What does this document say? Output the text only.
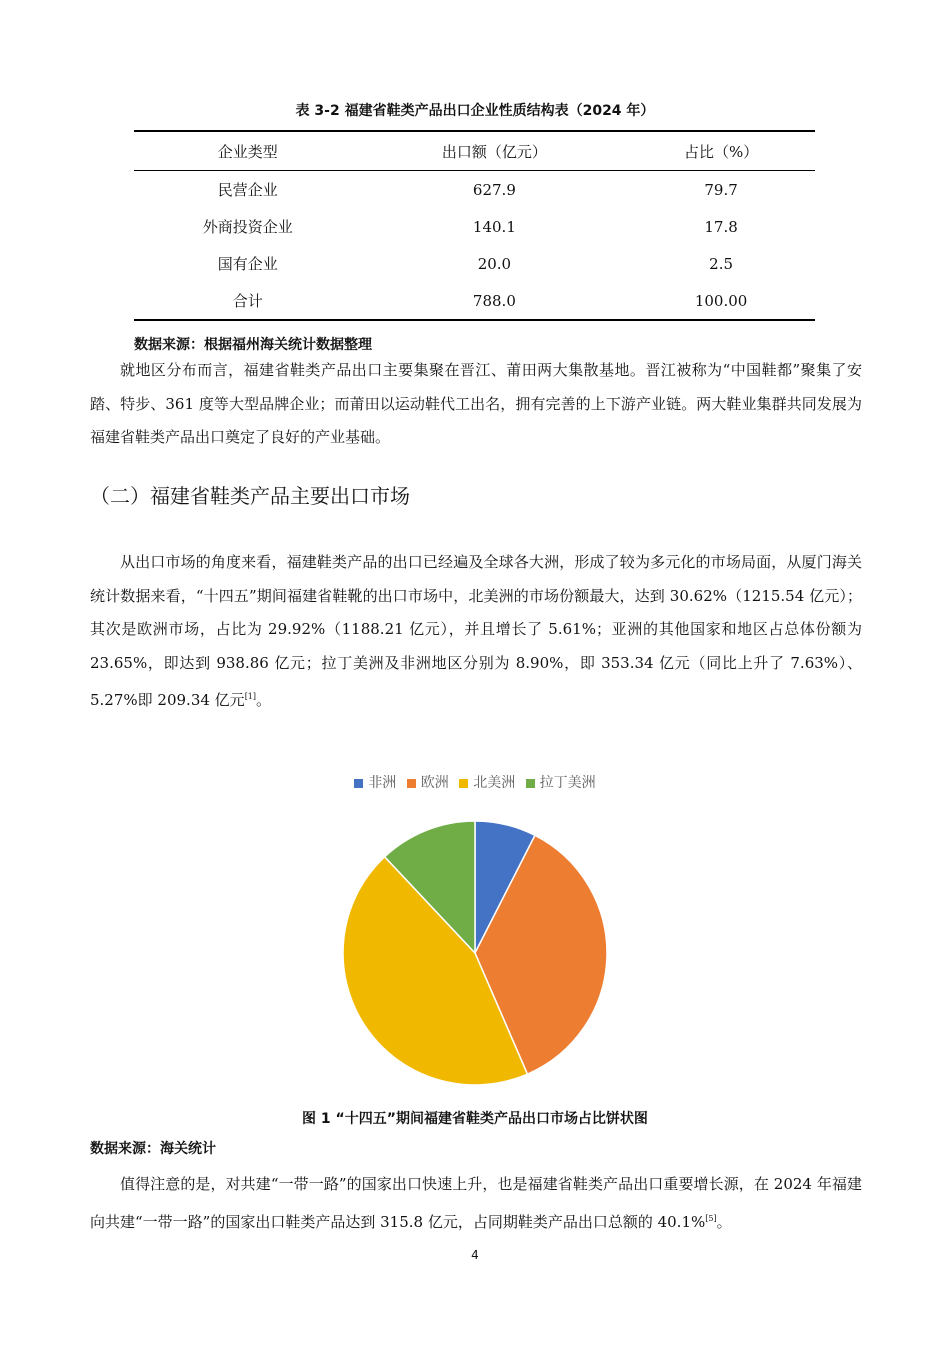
表 3-2 福建省鞋类产品出口企业性质结构表（2024 年）
企业类型	出口额（亿元）	占比（%）
民营企业	627.9	79.7
外商投资企业	140.1	17.8
国有企业	20.0	2.5
合计	788.0	100.00
数据来源：根据福州海关统计数据整理

就地区分布而言，福建省鞋类产品出口主要集聚在晋江、莆田两大集散基地。晋江被称为“中国鞋都”聚集了安踏、特步、361 度等大型品牌企业；而莆田以运动鞋代工出名，拥有完善的上下游产业链。两大鞋业集群共同发展为福建省鞋类产品出口奠定了良好的产业基础。

（二）福建省鞋类产品主要出口市场

从出口市场的角度来看，福建鞋类产品的出口已经遍及全球各大洲，形成了较为多元化的市场局面，从厦门海关统计数据来看，“十四五”期间福建省鞋靴的出口市场中，北美洲的市场份额最大，达到 30.62%（1215.54 亿元）；其次是欧洲市场，占比为 29.92%（1188.21 亿元），并且增长了 5.61%；亚洲的其他国家和地区占总体份额为 23.65%，即达到 938.86 亿元；拉丁美洲及非洲地区分别为 8.90%，即 353.34 亿元（同比上升了 7.63%）、5.27%即 209.34 亿元[1]。

非洲 欧洲 北美洲 拉丁美洲
图 1 “十四五”期间福建省鞋类产品出口市场占比饼状图
数据来源：海关统计

值得注意的是，对共建“一带一路”的国家出口快速上升，也是福建省鞋类产品出口重要增长源，在 2024 年福建向共建“一带一路”的国家出口鞋类产品达到 315.8 亿元，占同期鞋类产品出口总额的 40.1%[5]。

4
